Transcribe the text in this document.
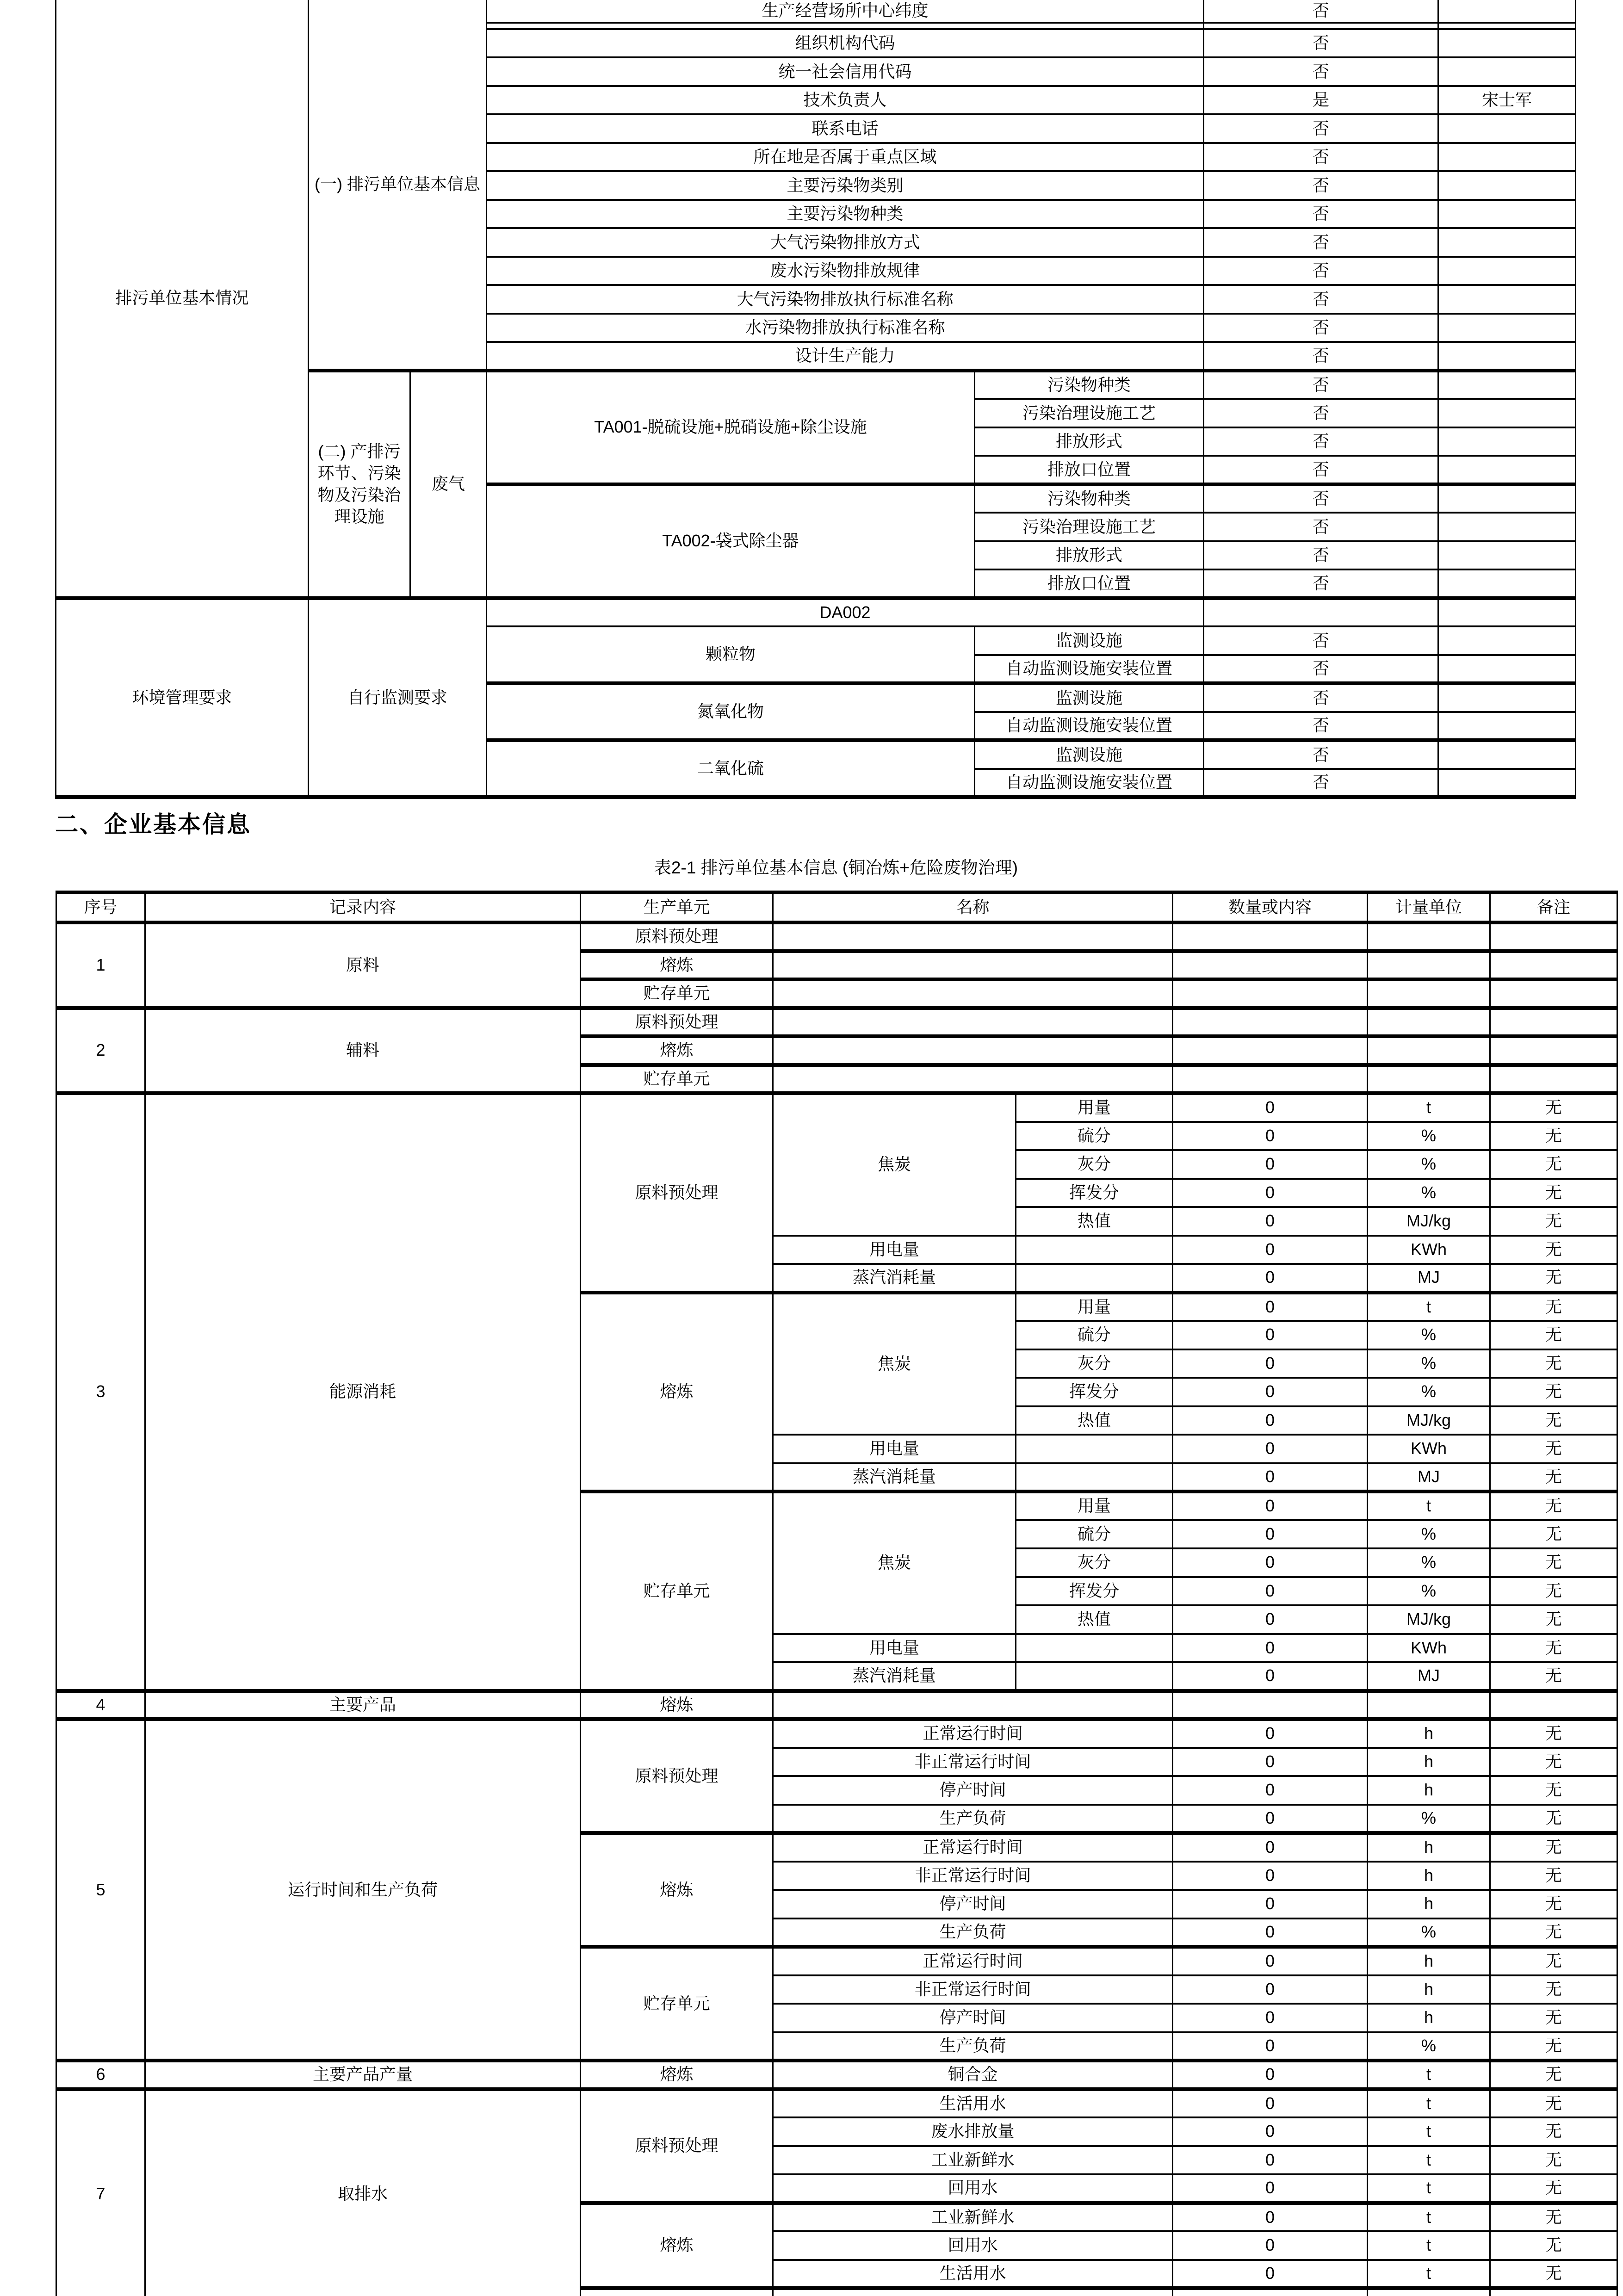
排污单位基本情况	(一) 排污单位基本信息		生产经营场所中心纬度		否	

			组织机构代码		否	
			统一社会信用代码		否	
			技术负责人		是	宋士军
			联系电话		否	
			所在地是否属于重点区域		否	
			主要污染物类别		否	
			主要污染物种类		否	
			大气污染物排放方式		否	
			废水污染物排放规律		否	
			大气污染物排放执行标准名称		否	
			水污染物排放执行标准名称		否	
			设计生产能力		否	
	(二) 产排污环节、污染物及污染治理设施	废气	TA001-脱硫设施+脱硝设施+除尘设施	污染物种类	否	
				污染治理设施工艺	否	
				排放形式	否	
				排放口位置	否	
			TA002-袋式除尘器	污染物种类	否	
				污染治理设施工艺	否	
				排放形式	否	
				排放口位置	否	
环境管理要求	自行监测要求		DA002			
			颗粒物	监测设施	否	
				自动监测设施安装位置	否	
			氮氧化物	监测设施	否	
				自动监测设施安装位置	否	
			二氧化硫	监测设施	否	
				自动监测设施安装位置	否	
二、企业基本信息
表2-1 排污单位基本信息 (铜冶炼+危险废物治理)
序号	记录内容	生产单元	名称		数量或内容	计量单位	备注
1	原料	原料预处理					
		熔炼					
		贮存单元					
2	辅料	原料预处理					
		熔炼					
		贮存单元					
3	能源消耗	原料预处理	焦炭	用量	0	t	无
				硫分	0	%	无
				灰分	0	%	无
				挥发分	0	%	无
				热值	0	MJ/kg	无
			用电量		0	KWh	无
			蒸汽消耗量		0	MJ	无
		熔炼	焦炭	用量	0	t	无
				硫分	0	%	无
				灰分	0	%	无
				挥发分	0	%	无
				热值	0	MJ/kg	无
			用电量		0	KWh	无
			蒸汽消耗量		0	MJ	无
		贮存单元	焦炭	用量	0	t	无
				硫分	0	%	无
				灰分	0	%	无
				挥发分	0	%	无
				热值	0	MJ/kg	无
			用电量		0	KWh	无
			蒸汽消耗量		0	MJ	无
4	主要产品	熔炼					
5	运行时间和生产负荷	原料预处理	正常运行时间		0	h	无
			非正常运行时间		0	h	无
			停产时间		0	h	无
			生产负荷		0	%	无
		熔炼	正常运行时间		0	h	无
			非正常运行时间		0	h	无
			停产时间		0	h	无
			生产负荷		0	%	无
		贮存单元	正常运行时间		0	h	无
			非正常运行时间		0	h	无
			停产时间		0	h	无
			生产负荷		0	%	无
6	主要产品产量	熔炼	铜合金		0	t	无
7	取排水	原料预处理	生活用水		0	t	无
			废水排放量		0	t	无
			工业新鲜水		0	t	无
			回用水		0	t	无
		熔炼	工业新鲜水		0	t	无
			回用水		0	t	无
			生活用水		0	t	无
